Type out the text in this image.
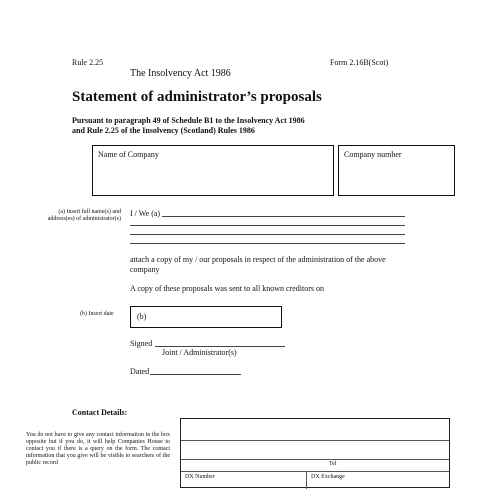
Rule 2.25	Form 2.16B(Scot)
The Insolvency Act 1986
Statement of administrator’s proposals
Pursuant to paragraph 49 of Schedule B1 to the Insolvency Act 1986
and Rule 2.25 of the Insolvency (Scotland) Rules 1986
Name of Company	Company number
(a) Insert full name(s) and address(es) of administrator(s)
I / We (a)
attach a copy of my / our proposals in respect of the administration of the above company
A copy of these proposals was sent to all known creditors on
(b) Insert date	(b)
Signed
Joint / Administrator(s)
Dated
Contact Details:
You do not have to give any contact information in the box opposite but if you do, it will help Companies House to contact you if there is a query on the form. The contact information that you give will be visible to searchers of the public record	Tel
DX Number	DX Exchange
